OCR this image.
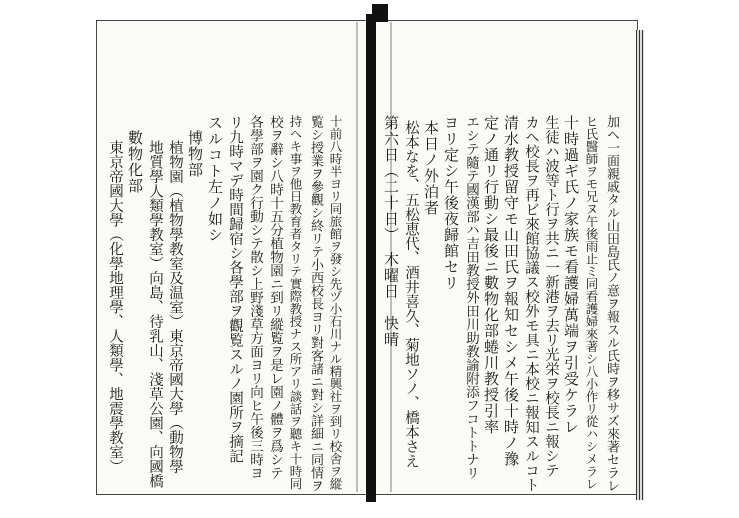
十前八時半ヨリ同旅館ヲ發シ先ヅ小石川ナル精興社ヲ到リ校舎ヲ縱
覧シ授業ヲ參觀シ終リテ小西校長ヨリ對客諸ニ對シ詳細ニ同情ヲ
持ヘキ事ヲ他日教育者タリテ實際教授ナス所アリ談話ヲ聽キ十時同
校ヲ辭シ八時十五分植物園ニ到リ縱覧ヲ是レ園ノ體ヲ爲シテ
各學部ヲ園ク行動シテ散シ上野淺草方面ヨリ向ヒ午後三時ヨ
リ九時マデ時間歸宿シ各學部ヲ觀覧スルノ園所ヲ摘記
スルコト左ノ如シ
博物部
植物園（植物學教室及温室）東京帝國大學（動物學
地質學人類學教室）向島、待乳山、淺草公園、向國橋
數物化部
東京帝國大學（化學地理學、人類學、地震學教室）	加ヘ一面親戚タル山田島氏ノ意ヲ報スル氏時ヲ移サズ來著セラレ
ヒ氏醫師ヲモ兄ヌ午後雨止ミ同看護婦來著シ八小作リ從ハシメラレ
十時過ギ氏ノ家族モ看護婦萬端ヲ引受ケラレ
生徒ハ波等ト行ヲ共ニ一新港ヲ去リ光栄ヲ校長ニ報シテ
カヘ校長ヲ再ビ來館協議ス校外モ具ニ本校ニ報知スルコト
清水教授留守モ山田氏ヲ報知セシメ午後十時ノ豫
定ノ通リ行動シ最後ニ數物化部蜷川教授引率
エシテ隨テ國漢部ハ吉田教授外田川助教諭附添フコトトナリ
ヨリ定シ午後夜歸館セリ
本日ノ外泊者
松本なを、五松恵代、酒井喜久、菊地ソノ、橋本さえ
第六日（二十日）　木曜日　快晴
